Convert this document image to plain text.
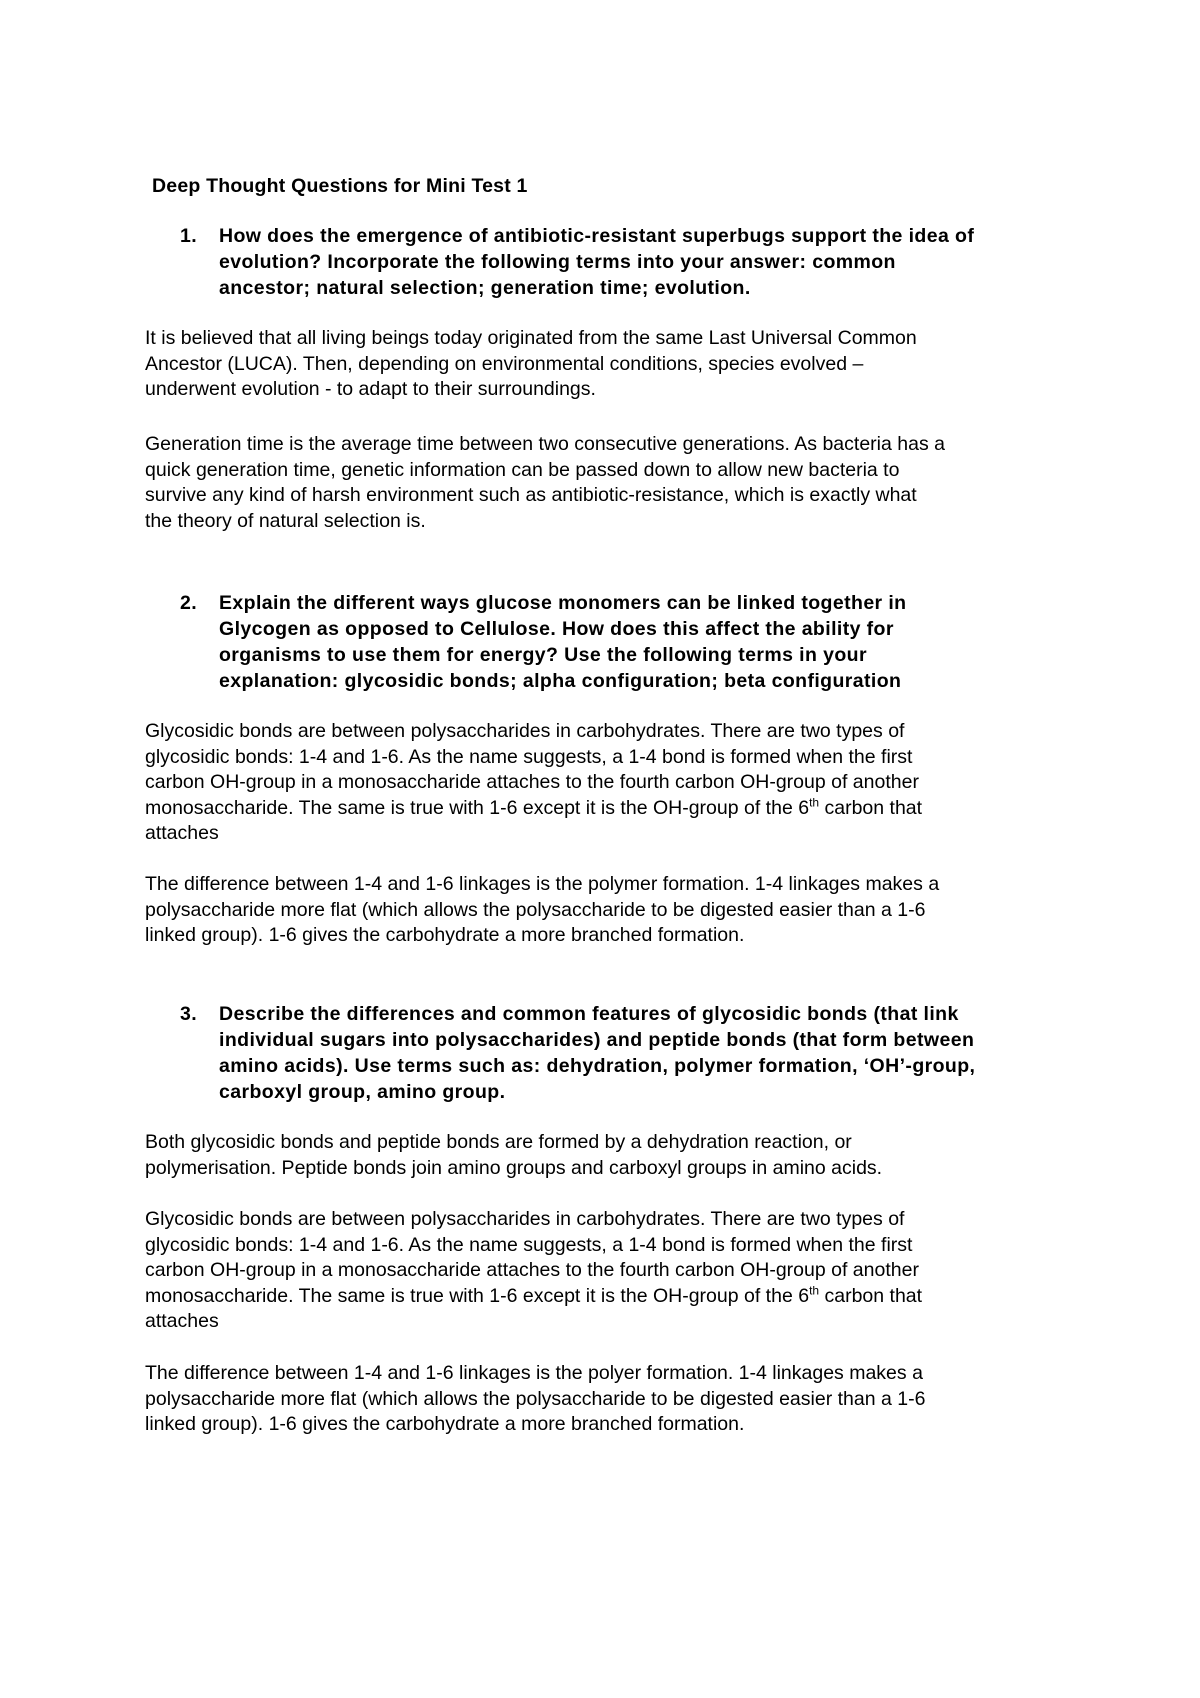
Deep Thought Questions for Mini Test 1
1. How does the emergence of antibiotic-resistant superbugs support the idea of
evolution? Incorporate the following terms into your answer: common
ancestor; natural selection; generation time; evolution.
It is believed that all living beings today originated from the same Last Universal Common
Ancestor (LUCA). Then, depending on environmental conditions, species evolved –
underwent evolution - to adapt to their surroundings.
Generation time is the average time between two consecutive generations. As bacteria has a
quick generation time, genetic information can be passed down to allow new bacteria to
survive any kind of harsh environment such as antibiotic-resistance, which is exactly what
the theory of natural selection is.
2. Explain the different ways glucose monomers can be linked together in
Glycogen as opposed to Cellulose. How does this affect the ability for
organisms to use them for energy? Use the following terms in your
explanation: glycosidic bonds; alpha configuration; beta configuration
Glycosidic bonds are between polysaccharides in carbohydrates. There are two types of
glycosidic bonds: 1-4 and 1-6. As the name suggests, a 1-4 bond is formed when the first
carbon OH-group in a monosaccharide attaches to the fourth carbon OH-group of another
monosaccharide. The same is true with 1-6 except it is the OH-group of the 6th carbon that
attaches
The difference between 1-4 and 1-6 linkages is the polymer formation. 1-4 linkages makes a
polysaccharide more flat (which allows the polysaccharide to be digested easier than a 1-6
linked group). 1-6 gives the carbohydrate a more branched formation.
3. Describe the differences and common features of glycosidic bonds (that link
individual sugars into polysaccharides) and peptide bonds (that form between
amino acids). Use terms such as: dehydration, polymer formation, ‘OH’-group,
carboxyl group, amino group.
Both glycosidic bonds and peptide bonds are formed by a dehydration reaction, or
polymerisation. Peptide bonds join amino groups and carboxyl groups in amino acids.
Glycosidic bonds are between polysaccharides in carbohydrates. There are two types of
glycosidic bonds: 1-4 and 1-6. As the name suggests, a 1-4 bond is formed when the first
carbon OH-group in a monosaccharide attaches to the fourth carbon OH-group of another
monosaccharide. The same is true with 1-6 except it is the OH-group of the 6th carbon that
attaches
The difference between 1-4 and 1-6 linkages is the polyer formation. 1-4 linkages makes a
polysaccharide more flat (which allows the polysaccharide to be digested easier than a 1-6
linked group). 1-6 gives the carbohydrate a more branched formation.
